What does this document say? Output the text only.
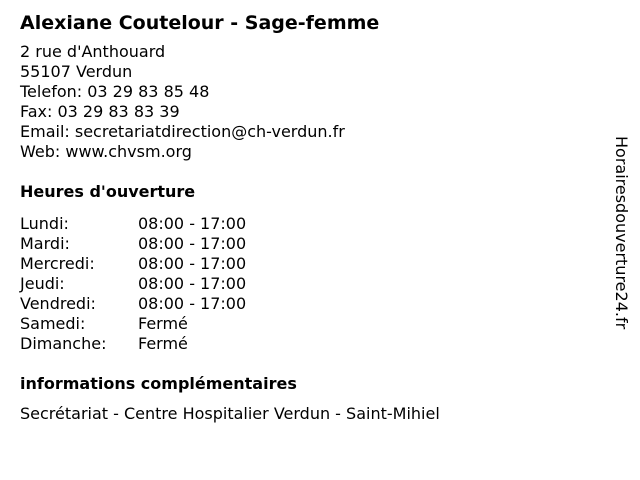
Alexiane Coutelour - Sage-femme
2 rue d'Anthouard
55107 Verdun
Telefon: 03 29 83 85 48
Fax: 03 29 83 83 39
Email: secretariatdirection@ch-verdun.fr
Web: www.chvsm.org
Heures d'ouverture
Lundi:	08:00 - 17:00
Mardi:	08:00 - 17:00
Mercredi:	08:00 - 17:00
Jeudi:	08:00 - 17:00
Vendredi:	08:00 - 17:00
Samedi:	Fermé
Dimanche:	Fermé
informations complémentaires
Secrétariat - Centre Hospitalier Verdun - Saint-Mihiel
Horairesdouverture24.fr
